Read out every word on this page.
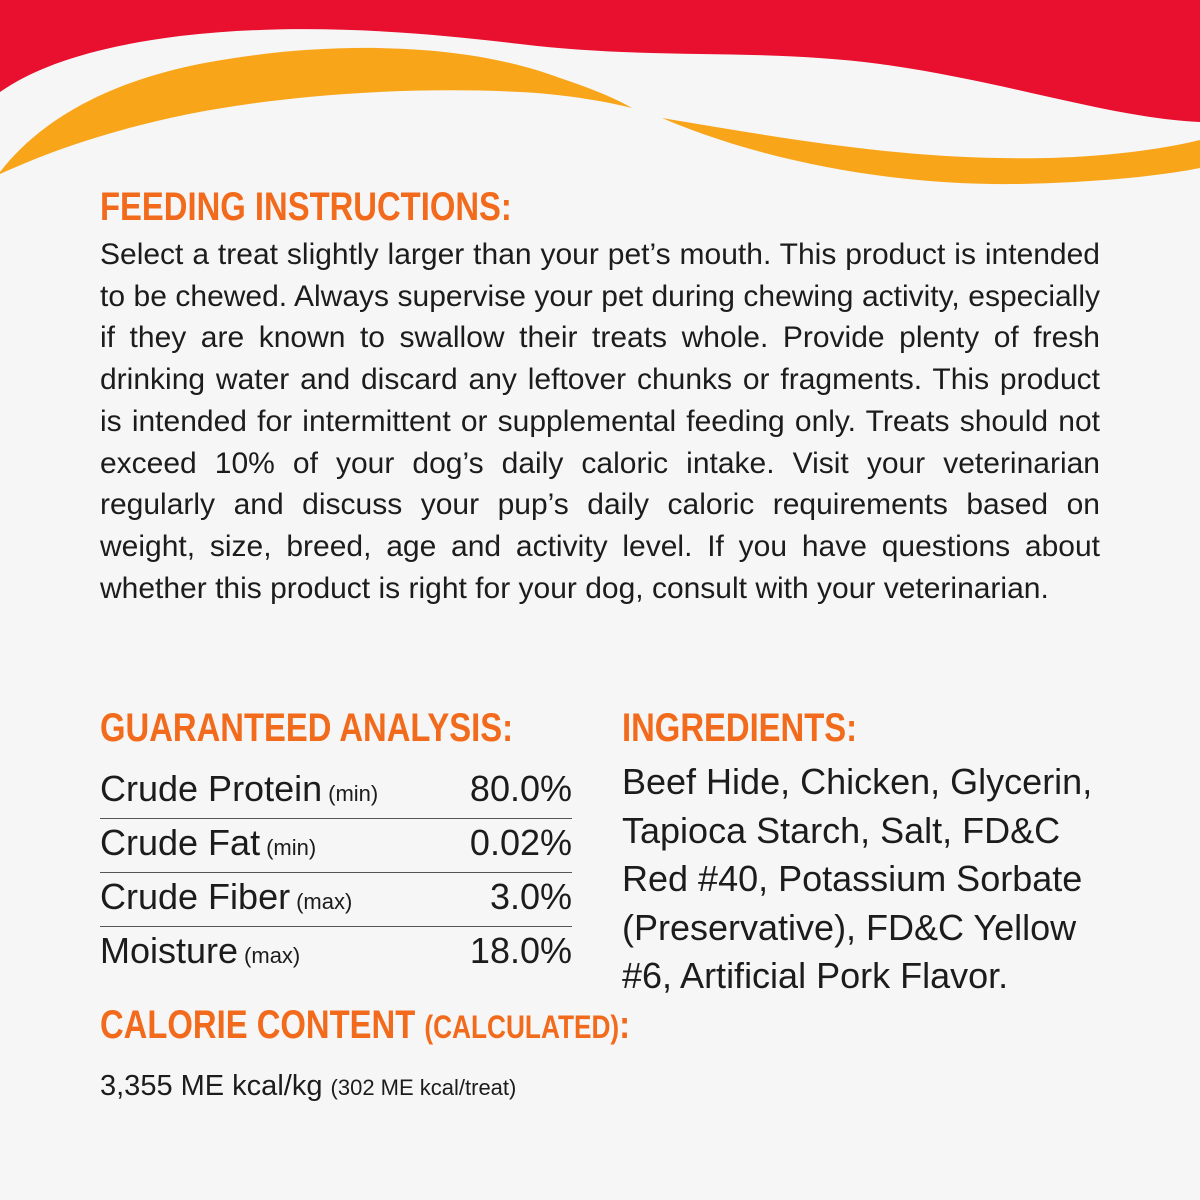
FEEDING INSTRUCTIONS:

Select a treat slightly larger than your pet’s mouth. This product is intended to be chewed. Always supervise your pet during chewing activity, especially if they are known to swallow their treats whole. Provide plenty of fresh drinking water and discard any leftover chunks or fragments. This product is intended for intermittent or supplemental feeding only. Treats should not exceed 10% of your dog’s daily caloric intake. Visit your veterinarian regularly and discuss your pup’s daily caloric requirements based on weight, size, breed, age and activity level. If you have questions about whether this product is right for your dog, consult with your veterinarian.

GUARANTEED ANALYSIS:
Crude Protein (min)	80.0%
Crude Fat (min)	0.02%
Crude Fiber (max)	3.0%
Moisture (max)	18.0%
CALORIE CONTENT (CALCULATED):

3,355 ME kcal/kg (302 ME kcal/treat)

INGREDIENTS:

Beef Hide, Chicken, Glycerin, Tapioca Starch, Salt, FD&C Red #40, Potassium Sorbate (Preservative), FD&C Yellow #6, Artificial Pork Flavor.
